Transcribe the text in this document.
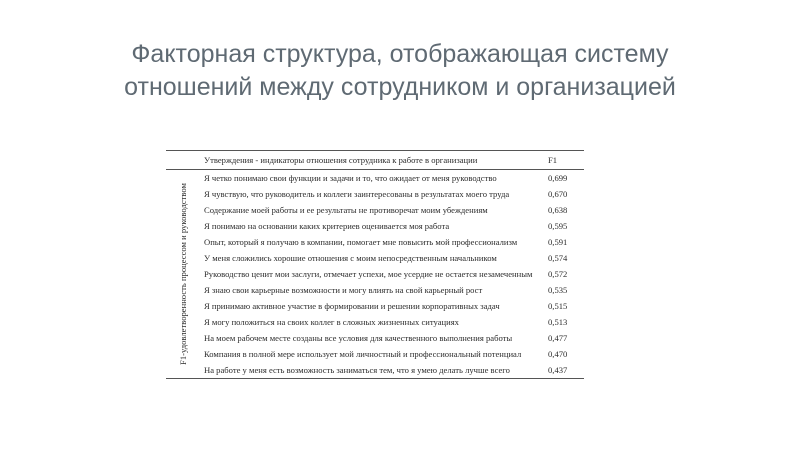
Факторная структура, отображающая систему
отношений между сотрудником и организацией
	Утверждения - индикаторы отношения сотрудника к работе в организации	F1

F1-удовлетворенность процессом и руководством	Я четко понимаю свои функции и задачи и то, что ожидает от меня руководство	0,699
	Я чувствую, что руководитель и коллеги заинтересованы в результатах моего труда	0,670
	Содержание моей работы и ее результаты не противоречат моим убеждениям	0,638
	Я понимаю на основании каких критериев оценивается моя работа	0,595
	Опыт, который я получаю в компании, помогает мне повысить мой профессионализм	0,591
	У меня сложились хорошие отношения с моим непосредственным начальником	0,574
	Руководство ценит мои заслуги, отмечает успехи, мое усердие не остается незамеченным	0,572
	Я знаю свои карьерные возможности и могу влиять на свой карьерный рост	0,535
	Я принимаю активное участие в формировании и решении корпоративных задач	0,515
	Я могу положиться на своих коллег в сложных жизненных ситуациях	0,513
	На моем рабочем месте созданы все условия для качественного выполнения работы	0,477
	Компания в полной мере использует мой личностный и профессиональный потенциал	0,470
	На работе у меня есть возможность заниматься тем, что я умею делать лучше всего	0,437
